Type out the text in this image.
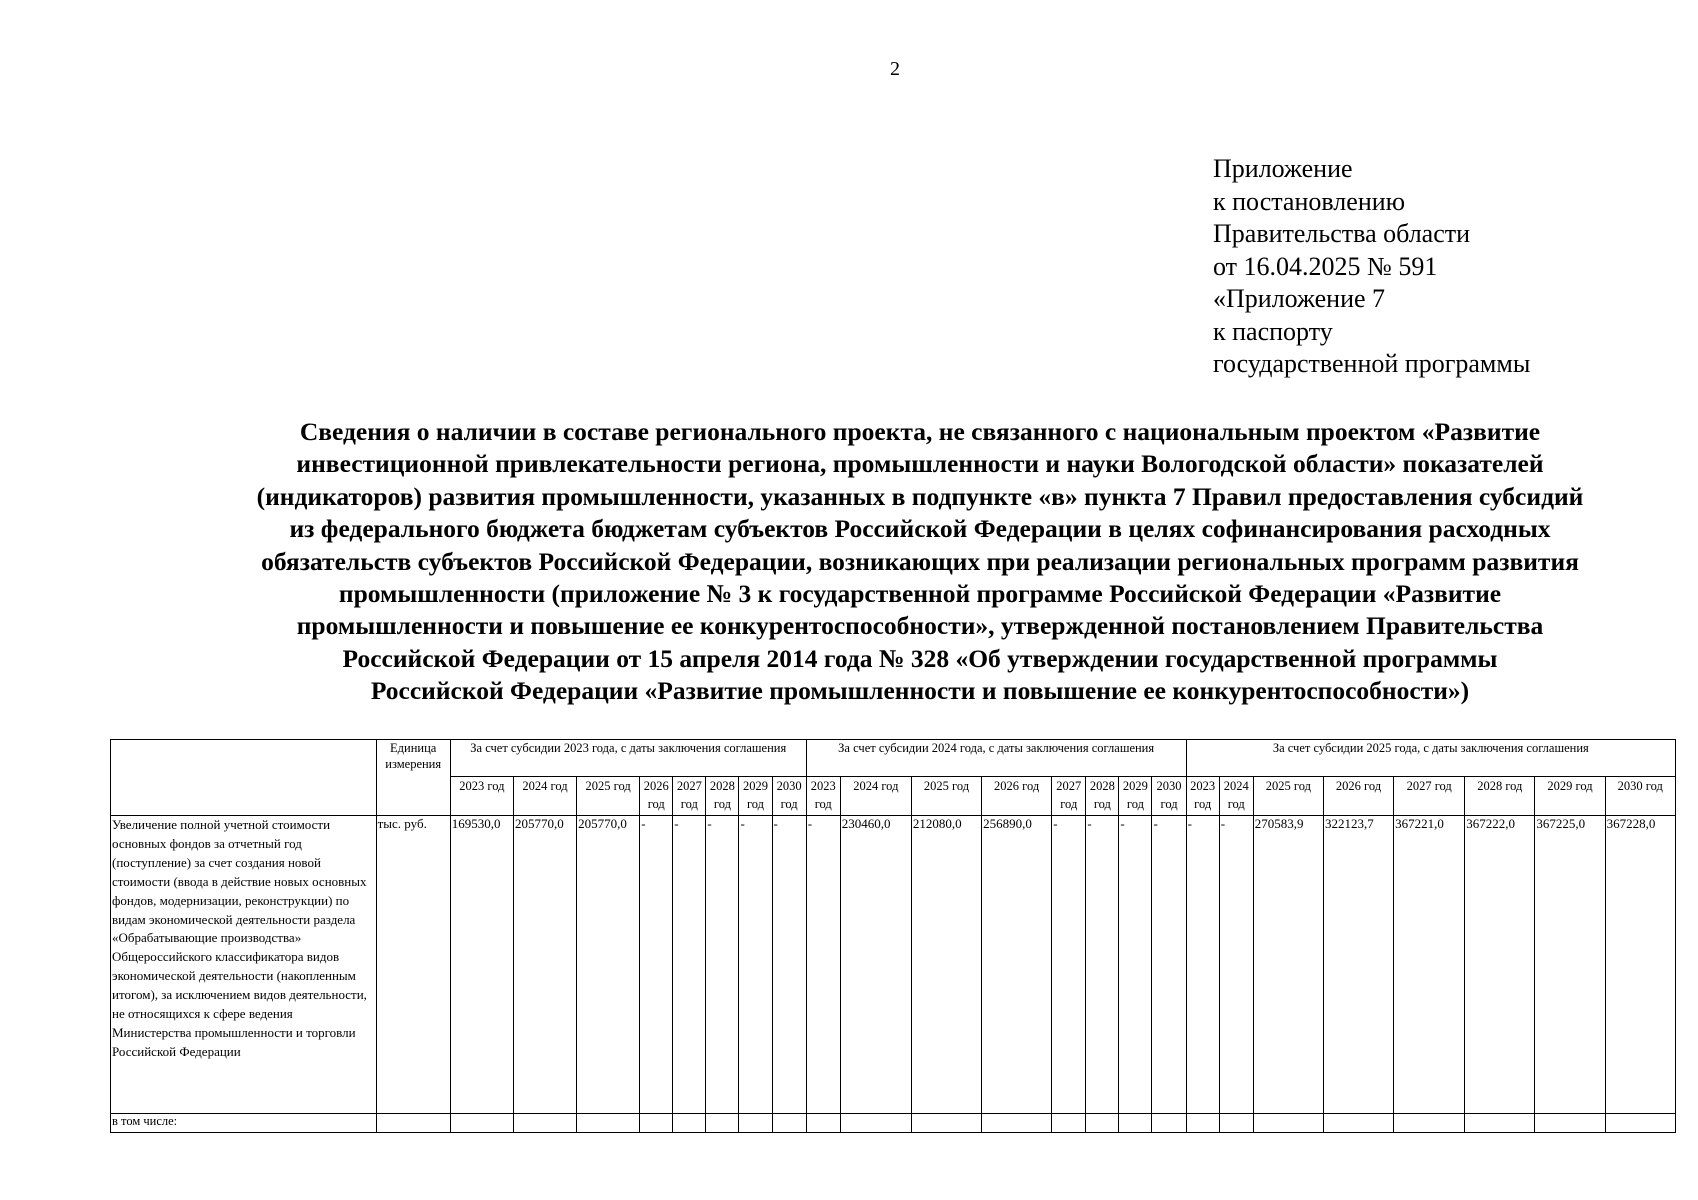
2
Приложение
к постановлению
Правительства области
от 16.04.2025 № 591
«Приложение 7
к паспорту
государственной программы
Сведения о наличии в составе регионального проекта, не связанного с национальным проектом «Развитие
инвестиционной привлекательности региона, промышленности и науки Вологодской области» показателей
(индикаторов) развития промышленности, указанных в подпункте «в» пункта 7 Правил предоставления субсидий
из федерального бюджета бюджетам субъектов Российской Федерации в целях софинансирования расходных
обязательств субъектов Российской Федерации, возникающих при реализации региональных программ развития
промышленности (приложение № 3 к государственной программе Российской Федерации «Развитие
промышленности и повышение ее конкурентоспособности», утвержденной постановлением Правительства
Российской Федерации от 15 апреля 2014 года № 328 «Об утверждении государственной программы
Российской Федерации «Развитие промышленности и повышение ее конкурентоспособности»)
	Единица измерения	За счет субсидии 2023 года, с даты заключения соглашения								За счет субсидии 2024 года, с даты заключения соглашения								За счет субсидии 2025 года, с даты заключения соглашения							
		2023 год	2024 год	2025 год	2026 год	2027 год	2028 год	2029 год	2030 год	2023 год	2024 год	2025 год	2026 год	2027 год	2028 год	2029 год	2030 год	2023 год	2024 год	2025 год	2026 год	2027 год	2028 год	2029 год	2030 год
Увеличение полной учетной стоимости основных фондов за отчетный год (поступление) за счет создания новой стоимости (ввода в действие новых основных фондов, модернизации, реконструкции) по видам экономической деятельности раздела «Обрабатывающие производства» Общероссийского классификатора видов экономической деятельности (накопленным итогом), за исключением видов деятельности, не относящихся к сфере ведения Министерства промышленности и торговли Российской Федерации	тыс. руб.	169530,0	205770,0	205770,0	-	-	-	-	-	-	230460,0	212080,0	256890,0	-	-	-	-	-	-	270583,9	322123,7	367221,0	367222,0	367225,0	367228,0
в том числе:																									
